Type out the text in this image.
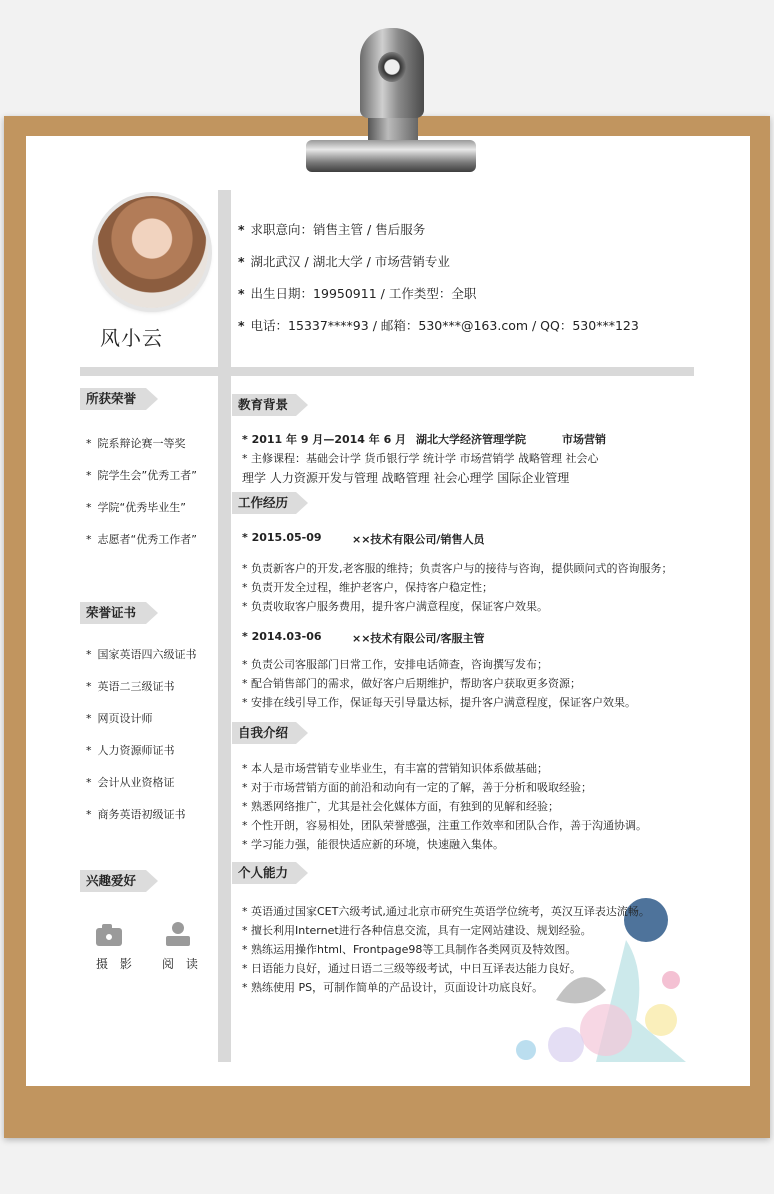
风小云
* 求职意向：销售主管 / 售后服务
* 湖北武汉 / 湖北大学 / 市场营销专业
* 出生日期：19950911 / 工作类型：全职
* 电话：15337****93 / 邮箱：530***@163.com / QQ：530***123
所获荣誉
* 院系辩论赛一等奖
* 院学生会”优秀工者”
* 学院“优秀毕业生”
* 志愿者“优秀工作者”
荣誉证书
* 国家英语四六级证书
* 英语二三级证书
* 网页设计师
* 人力资源师证书
* 会计从业资格证
* 商务英语初级证书
兴趣爱好
摄 影 阅 读
教育背景
* 2011 年 9 月—2014 年 6 月 湖北大学经济管理学院	市场营销
* 主修课程：基础会计学 货币银行学 统计学 市场营销学 战略管理 社会心
理学 人力资源开发与管理 战略管理 社会心理学 国际企业管理
工作经历
* 2015.05-09	××技术有限公司/销售人员
* 负责新客户的开发,老客服的维持；负责客户与的接待与咨询，提供顾问式的咨询服务；
* 负责开发全过程，维护老客户，保持客户稳定性；
* 负责收取客户服务费用，提升客户满意程度，保证客户效果。
* 2014.03-06	××技术有限公司/客服主管
* 负责公司客服部门日常工作，安排电话筛查，咨询撰写发布；
* 配合销售部门的需求，做好客户后期维护，帮助客户获取更多资源；
* 安排在线引导工作，保证每天引导量达标，提升客户满意程度，保证客户效果。
自我介绍
* 本人是市场营销专业毕业生，有丰富的营销知识体系做基础；
* 对于市场营销方面的前沿和动向有一定的了解，善于分析和吸取经验；
* 熟悉网络推广，尤其是社会化媒体方面，有独到的见解和经验；
* 个性开朗，容易相处，团队荣誉感强，注重工作效率和团队合作，善于沟通协调。
* 学习能力强，能很快适应新的环境，快速融入集体。
个人能力
* 英语通过国家CET六级考试,通过北京市研究生英语学位统考，英汉互译表达流畅。
* 擅长利用Internet进行各种信息交流，具有一定网站建设、规划经验。
* 熟练运用操作html、Frontpage98等工具制作各类网页及特效图。
* 日语能力良好，通过日语二三级等级考试，中日互译表达能力良好。
* 熟练使用 PS，可制作简单的产品设计，页面设计功底良好。
